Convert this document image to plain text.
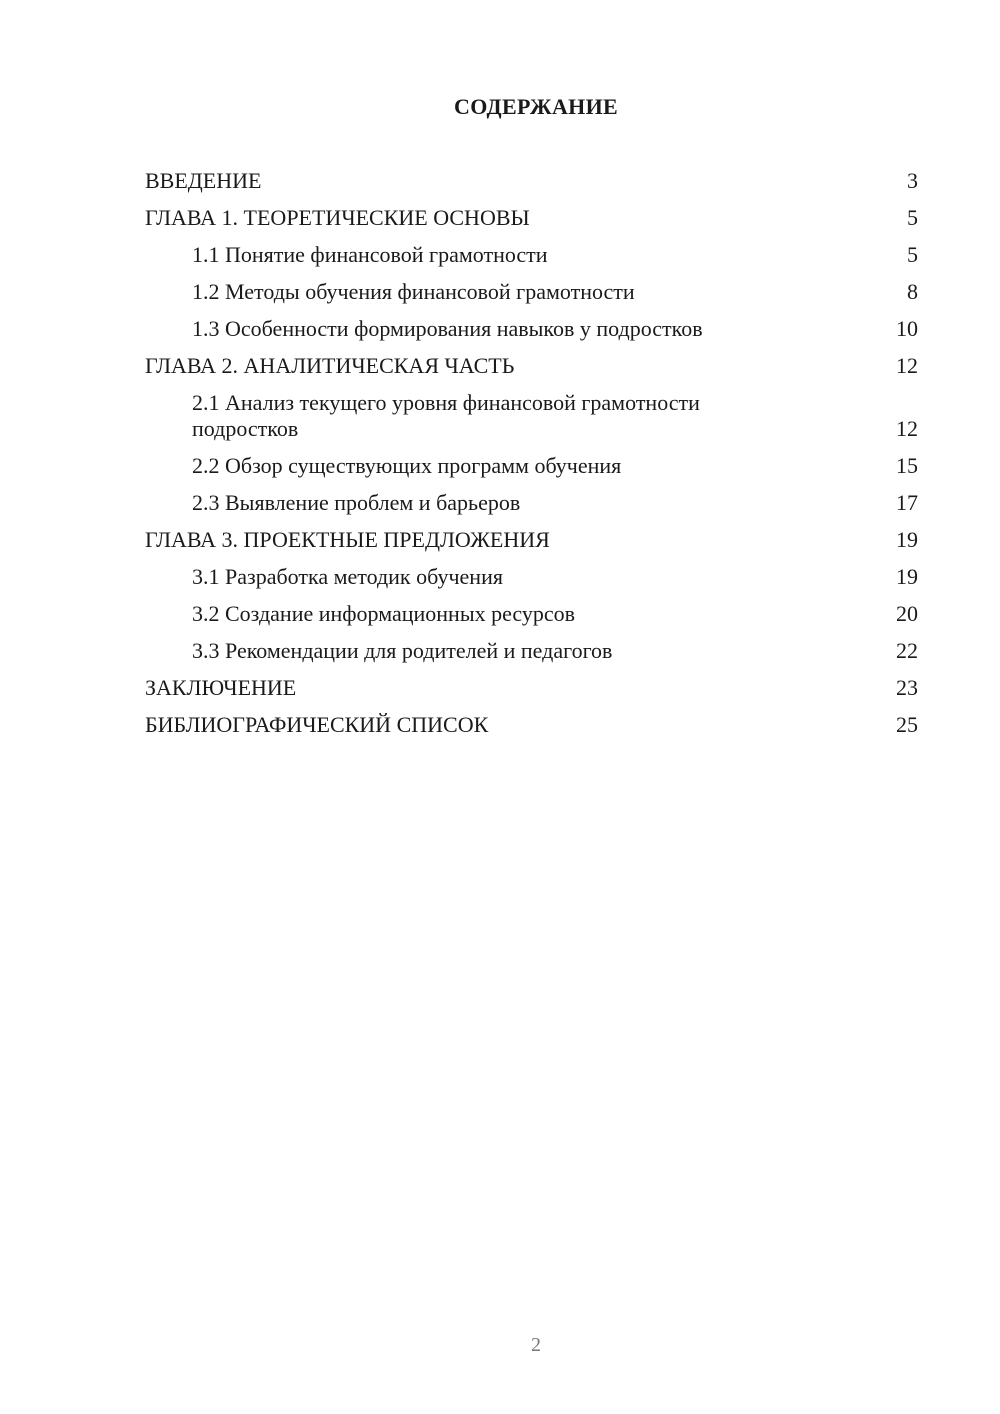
СОДЕРЖАНИЕ
ВВЕДЕНИЕ	3
ГЛАВА 1. ТЕОРЕТИЧЕСКИЕ ОСНОВЫ	5
1.1 Понятие финансовой грамотности	5
1.2 Методы обучения финансовой грамотности	8
1.3 Особенности формирования навыков у подростков	10
ГЛАВА 2. АНАЛИТИЧЕСКАЯ ЧАСТЬ	12
2.1 Анализ текущего уровня финансовой грамотности подростков	12
2.2 Обзор существующих программ обучения	15
2.3 Выявление проблем и барьеров	17
ГЛАВА 3. ПРОЕКТНЫЕ ПРЕДЛОЖЕНИЯ	19
3.1 Разработка методик обучения	19
3.2 Создание информационных ресурсов	20
3.3 Рекомендации для родителей и педагогов	22
ЗАКЛЮЧЕНИЕ	23
БИБЛИОГРАФИЧЕСКИЙ СПИСОК	25
2
